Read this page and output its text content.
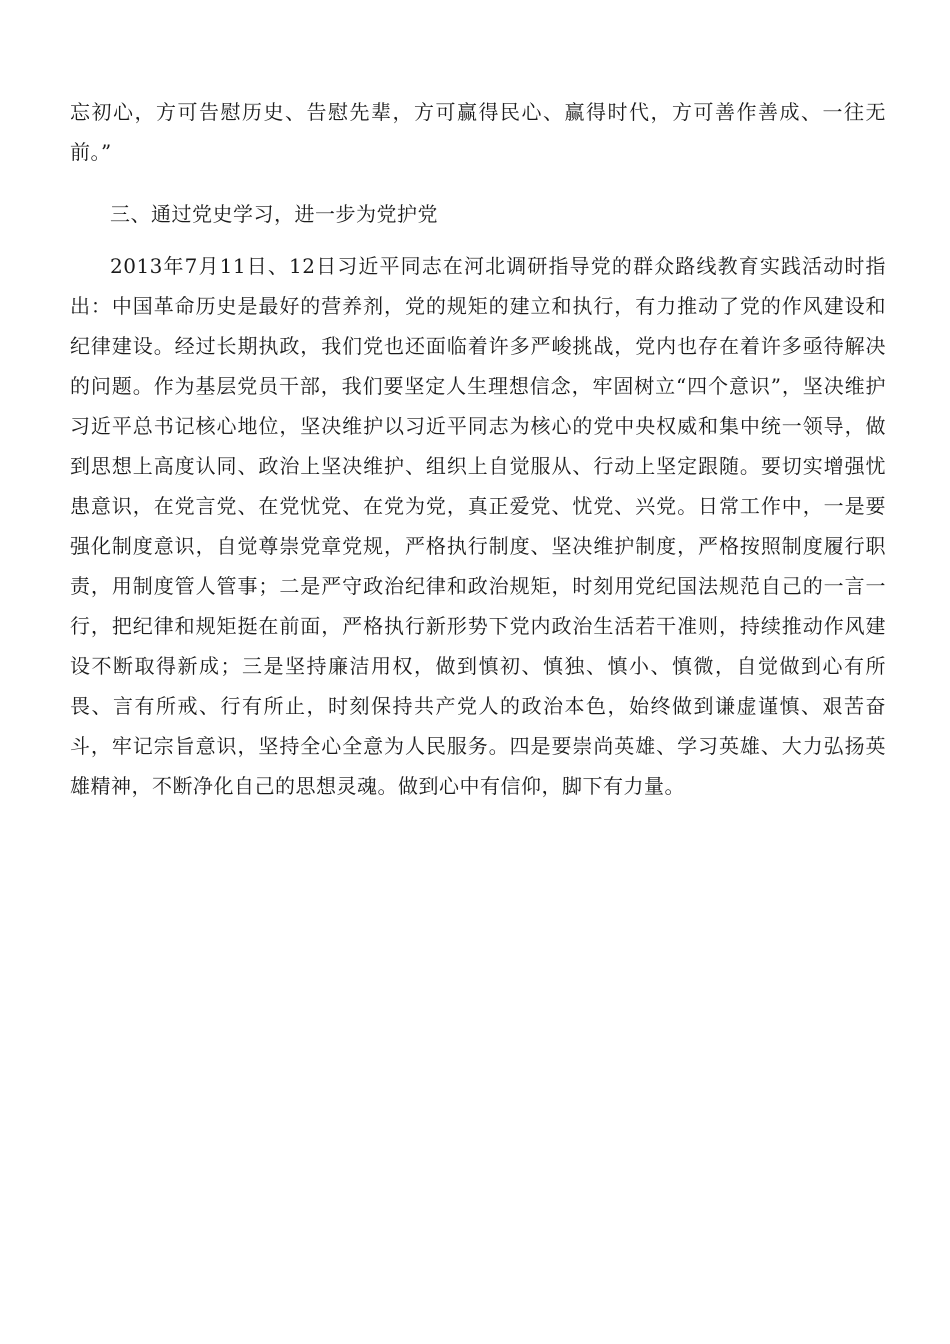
忘初心，方可告慰历史、告慰先辈，方可赢得民心、赢得时代，方可善作善成、一往无前。”
三、通过党史学习，进一步为党护党
2013年7月11日、12日习近平同志在河北调研指导党的群众路线教育实践活动时指出：中国革命历史是最好的营养剂，党的规矩的建立和执行，有力推动了党的作风建设和纪律建设。经过长期执政，我们党也还面临着许多严峻挑战，党内也存在着许多亟待解决的问题。作为基层党员干部，我们要坚定人生理想信念，牢固树立“四个意识”，坚决维护习近平总书记核心地位，坚决维护以习近平同志为核心的党中央权威和集中统一领导，做到思想上高度认同、政治上坚决维护、组织上自觉服从、行动上坚定跟随。要切实增强忧患意识，在党言党、在党忧党、在党为党，真正爱党、忧党、兴党。日常工作中，一是要强化制度意识，自觉尊崇党章党规，严格执行制度、坚决维护制度，严格按照制度履行职责，用制度管人管事；二是严守政治纪律和政治规矩，时刻用党纪国法规范自己的一言一行，把纪律和规矩挺在前面，严格执行新形势下党内政治生活若干准则，持续推动作风建设不断取得新成；三是坚持廉洁用权，做到慎初、慎独、慎小、慎微，自觉做到心有所畏、言有所戒、行有所止，时刻保持共产党人的政治本色，始终做到谦虚谨慎、艰苦奋斗，牢记宗旨意识，坚持全心全意为人民服务。四是要崇尚英雄、学习英雄、大力弘扬英雄精神，不断净化自己的思想灵魂。做到心中有信仰，脚下有力量。
